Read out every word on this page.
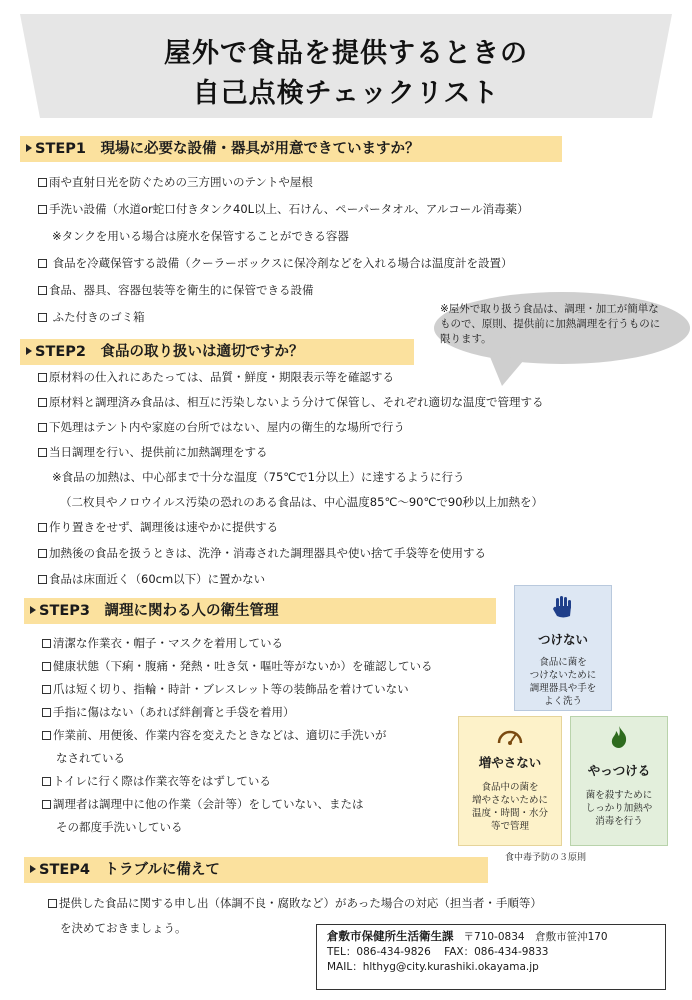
屋外で食品を提供するときの
自己点検チェックリスト
STEP1　現場に必要な設備・器具が用意できていますか？
雨や直射日光を防ぐための三方囲いのテントや屋根
手洗い設備（水道or蛇口付きタンク40L以上、石けん、ペーパータオル、アルコール消毒薬）
※タンクを用いる場合は廃水を保管することができる容器
食品を冷蔵保管する設備（クーラーボックスに保冷剤などを入れる場合は温度計を設置）
食品、器具、容器包装等を衛生的に保管できる設備
ふた付きのゴミ箱
※屋外で取り扱う食品は、調理・加工が簡単なもので、原則、提供前に加熱調理を行うものに限ります。
STEP2　食品の取り扱いは適切ですか？
原材料の仕入れにあたっては、品質・鮮度・期限表示等を確認する
原材料と調理済み食品は、相互に汚染しないよう分けて保管し、それぞれ適切な温度で管理する
下処理はテント内や家庭の台所ではない、屋内の衛生的な場所で行う
当日調理を行い、提供前に加熱調理をする
※食品の加熱は、中心部まで十分な温度（75℃で1分以上）に達するように行う
（二枚貝やノロウイルス汚染の恐れのある食品は、中心温度85℃～90℃で90秒以上加熱を）
作り置きをせず、調理後は速やかに提供する
加熱後の食品を扱うときは、洗浄・消毒された調理器具や使い捨て手袋等を使用する
食品は床面近く（60cm以下）に置かない
STEP3　調理に関わる人の衛生管理
清潔な作業衣・帽子・マスクを着用している
健康状態（下痢・腹痛・発熱・吐き気・嘔吐等がないか）を確認している
爪は短く切り、指輪・時計・ブレスレット等の装飾品を着けていない
手指に傷はない（あれば絆創膏と手袋を着用）
作業前、用便後、作業内容を変えたときなどは、適切に手洗いが
なされている
トイレに行く際は作業衣等をはずしている
調理者は調理中に他の作業（会計等）をしていない、または
その都度手洗いしている
つけない
食品に菌を
つけないために
調理器具や手を
よく洗う
増やさない
食品中の菌を
増やさないために
温度・時間・水分
等で管理
やっつける
菌を殺すために
しっかり加熱や
消毒を行う
食中毒予防の３原則
STEP4　トラブルに備えて
提供した食品に関する申し出（体調不良・腐敗など）があった場合の対応（担当者・手順等）
を決めておきましょう。
倉敷市保健所生活衛生課 〒710-0834　倉敷市笹沖170
TEL：086-434-9826 FAX：086-434-9833
MAIL：hlthyg@city.kurashiki.okayama.jp
